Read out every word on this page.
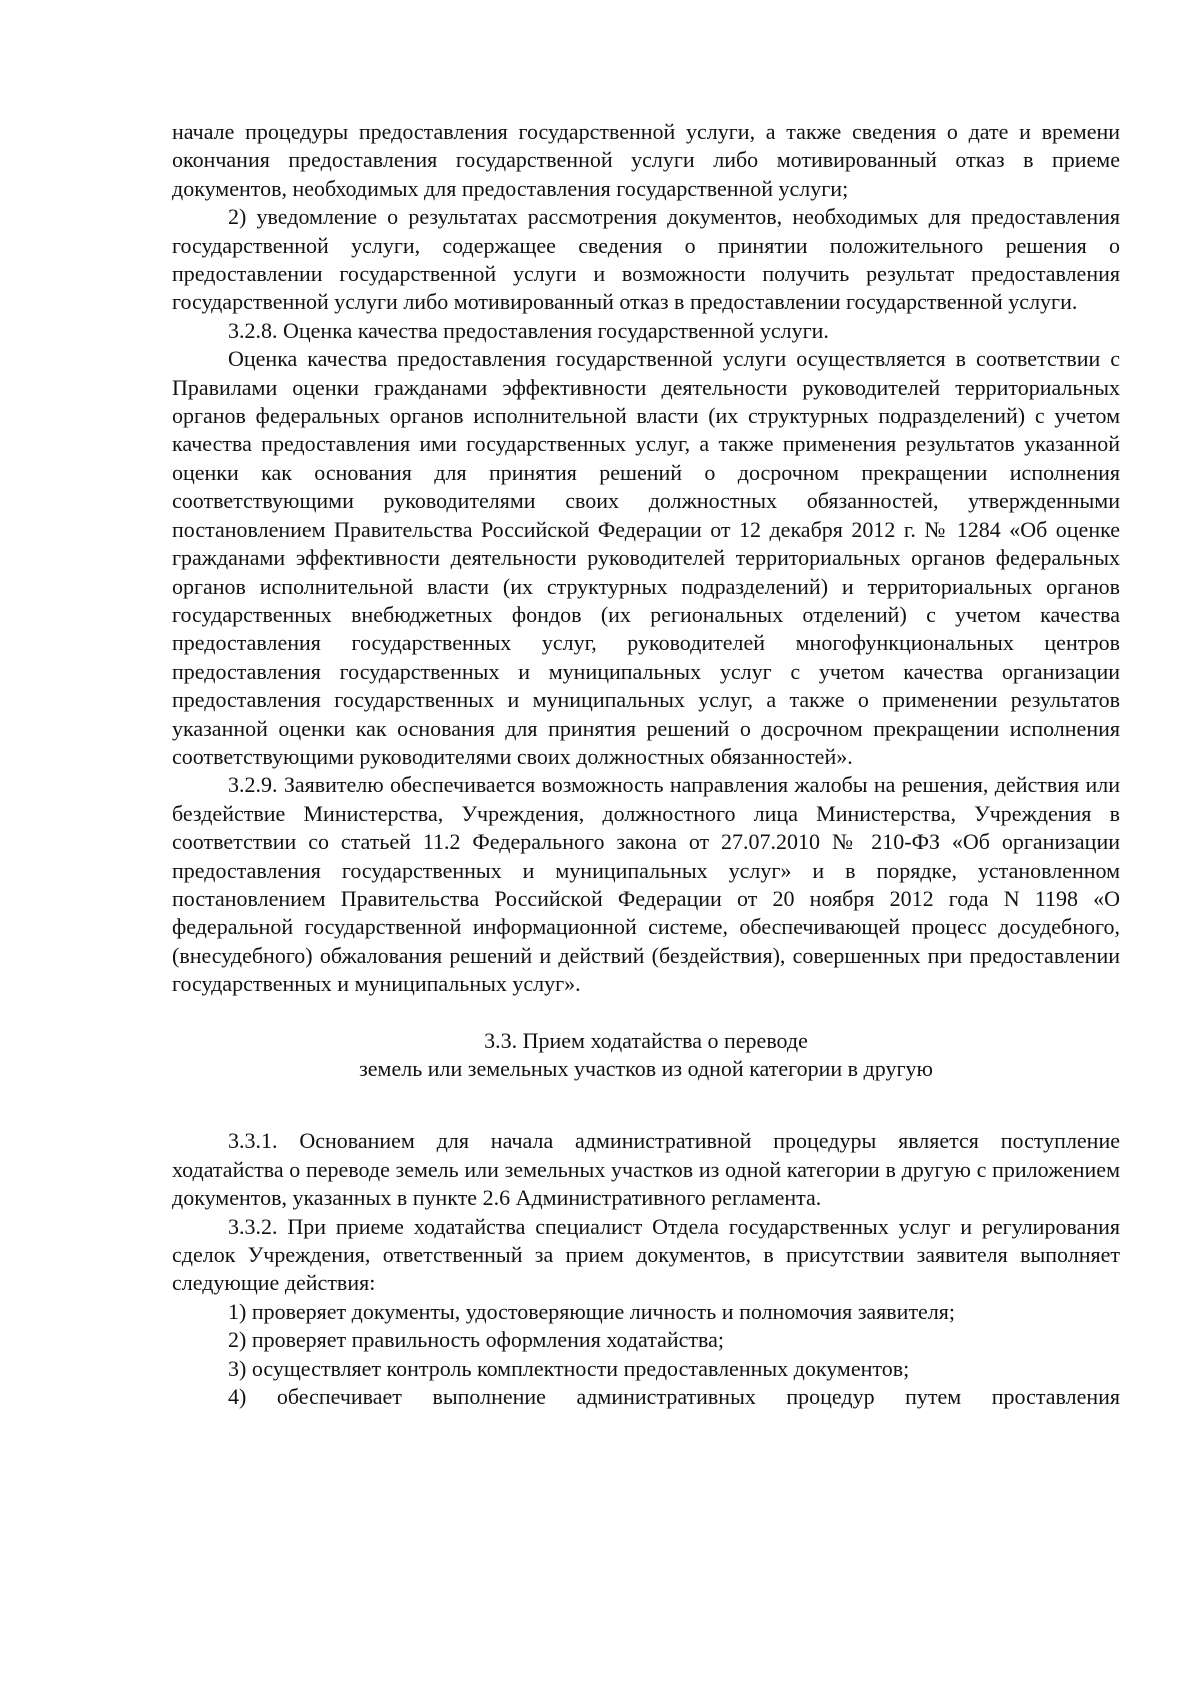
начале процедуры предоставления государственной услуги, а также сведения о дате и времени окончания предоставления государственной услуги либо мотивированный отказ в приеме документов, необходимых для предоставления государственной услуги;

2) уведомление о результатах рассмотрения документов, необходимых для предоставления государственной услуги, содержащее сведения о принятии положительного решения о предоставлении государственной услуги и возможности получить результат предоставления государственной услуги либо мотивированный отказ в предоставлении государственной услуги.

3.2.8. Оценка качества предоставления государственной услуги.

Оценка качества предоставления государственной услуги осуществляется в соответствии с Правилами оценки гражданами эффективности деятельности руководителей территориальных органов федеральных органов исполнительной власти (их структурных подразделений) с учетом качества предоставления ими государственных услуг, а также применения результатов указанной оценки как основания для принятия решений о досрочном прекращении исполнения соответствующими руководителями своих должностных обязанностей, утвержденными постановлением Правительства Российской Федерации от 12 декабря 2012 г. № 1284 «Об оценке гражданами эффективности деятельности руководителей территориальных органов федеральных органов исполнительной власти (их структурных подразделений) и территориальных органов государственных внебюджетных фондов (их региональных отделений) с учетом качества предоставления государственных услуг, руководителей многофункциональных центров предоставления государственных и муниципальных услуг с учетом качества организации предоставления государственных и муниципальных услуг, а также о применении результатов указанной оценки как основания для принятия решений о досрочном прекращении исполнения соответствующими руководителями своих должностных обязанностей».

3.2.9. Заявителю обеспечивается возможность направления жалобы на решения, действия или бездействие Министерства, Учреждения, должностного лица Министерства, Учреждения в соответствии со статьей 11.2 Федерального закона от 27.07.2010 № 210-ФЗ «Об организации предоставления государственных и муниципальных услуг» и в порядке, установленном постановлением Правительства Российской Федерации от 20 ноября 2012 года N 1198 «О федеральной государственной информационной системе, обеспечивающей процесс досудебного, (внесудебного) обжалования решений и действий (бездействия), совершенных при предоставлении государственных и муниципальных услуг».

3.3. Прием ходатайства о переводе
земель или земельных участков из одной категории в другую

3.3.1. Основанием для начала административной процедуры является поступление ходатайства о переводе земель или земельных участков из одной категории в другую с приложением документов, указанных в пункте 2.6 Административного регламента.

3.3.2. При приеме ходатайства специалист Отдела государственных услуг и регулирования сделок Учреждения, ответственный за прием документов, в присутствии заявителя выполняет следующие действия:

1) проверяет документы, удостоверяющие личность и полномочия заявителя;

2) проверяет правильность оформления ходатайства;

3) осуществляет контроль комплектности предоставленных документов;

4) обеспечивает выполнение административных процедур путем проставления
